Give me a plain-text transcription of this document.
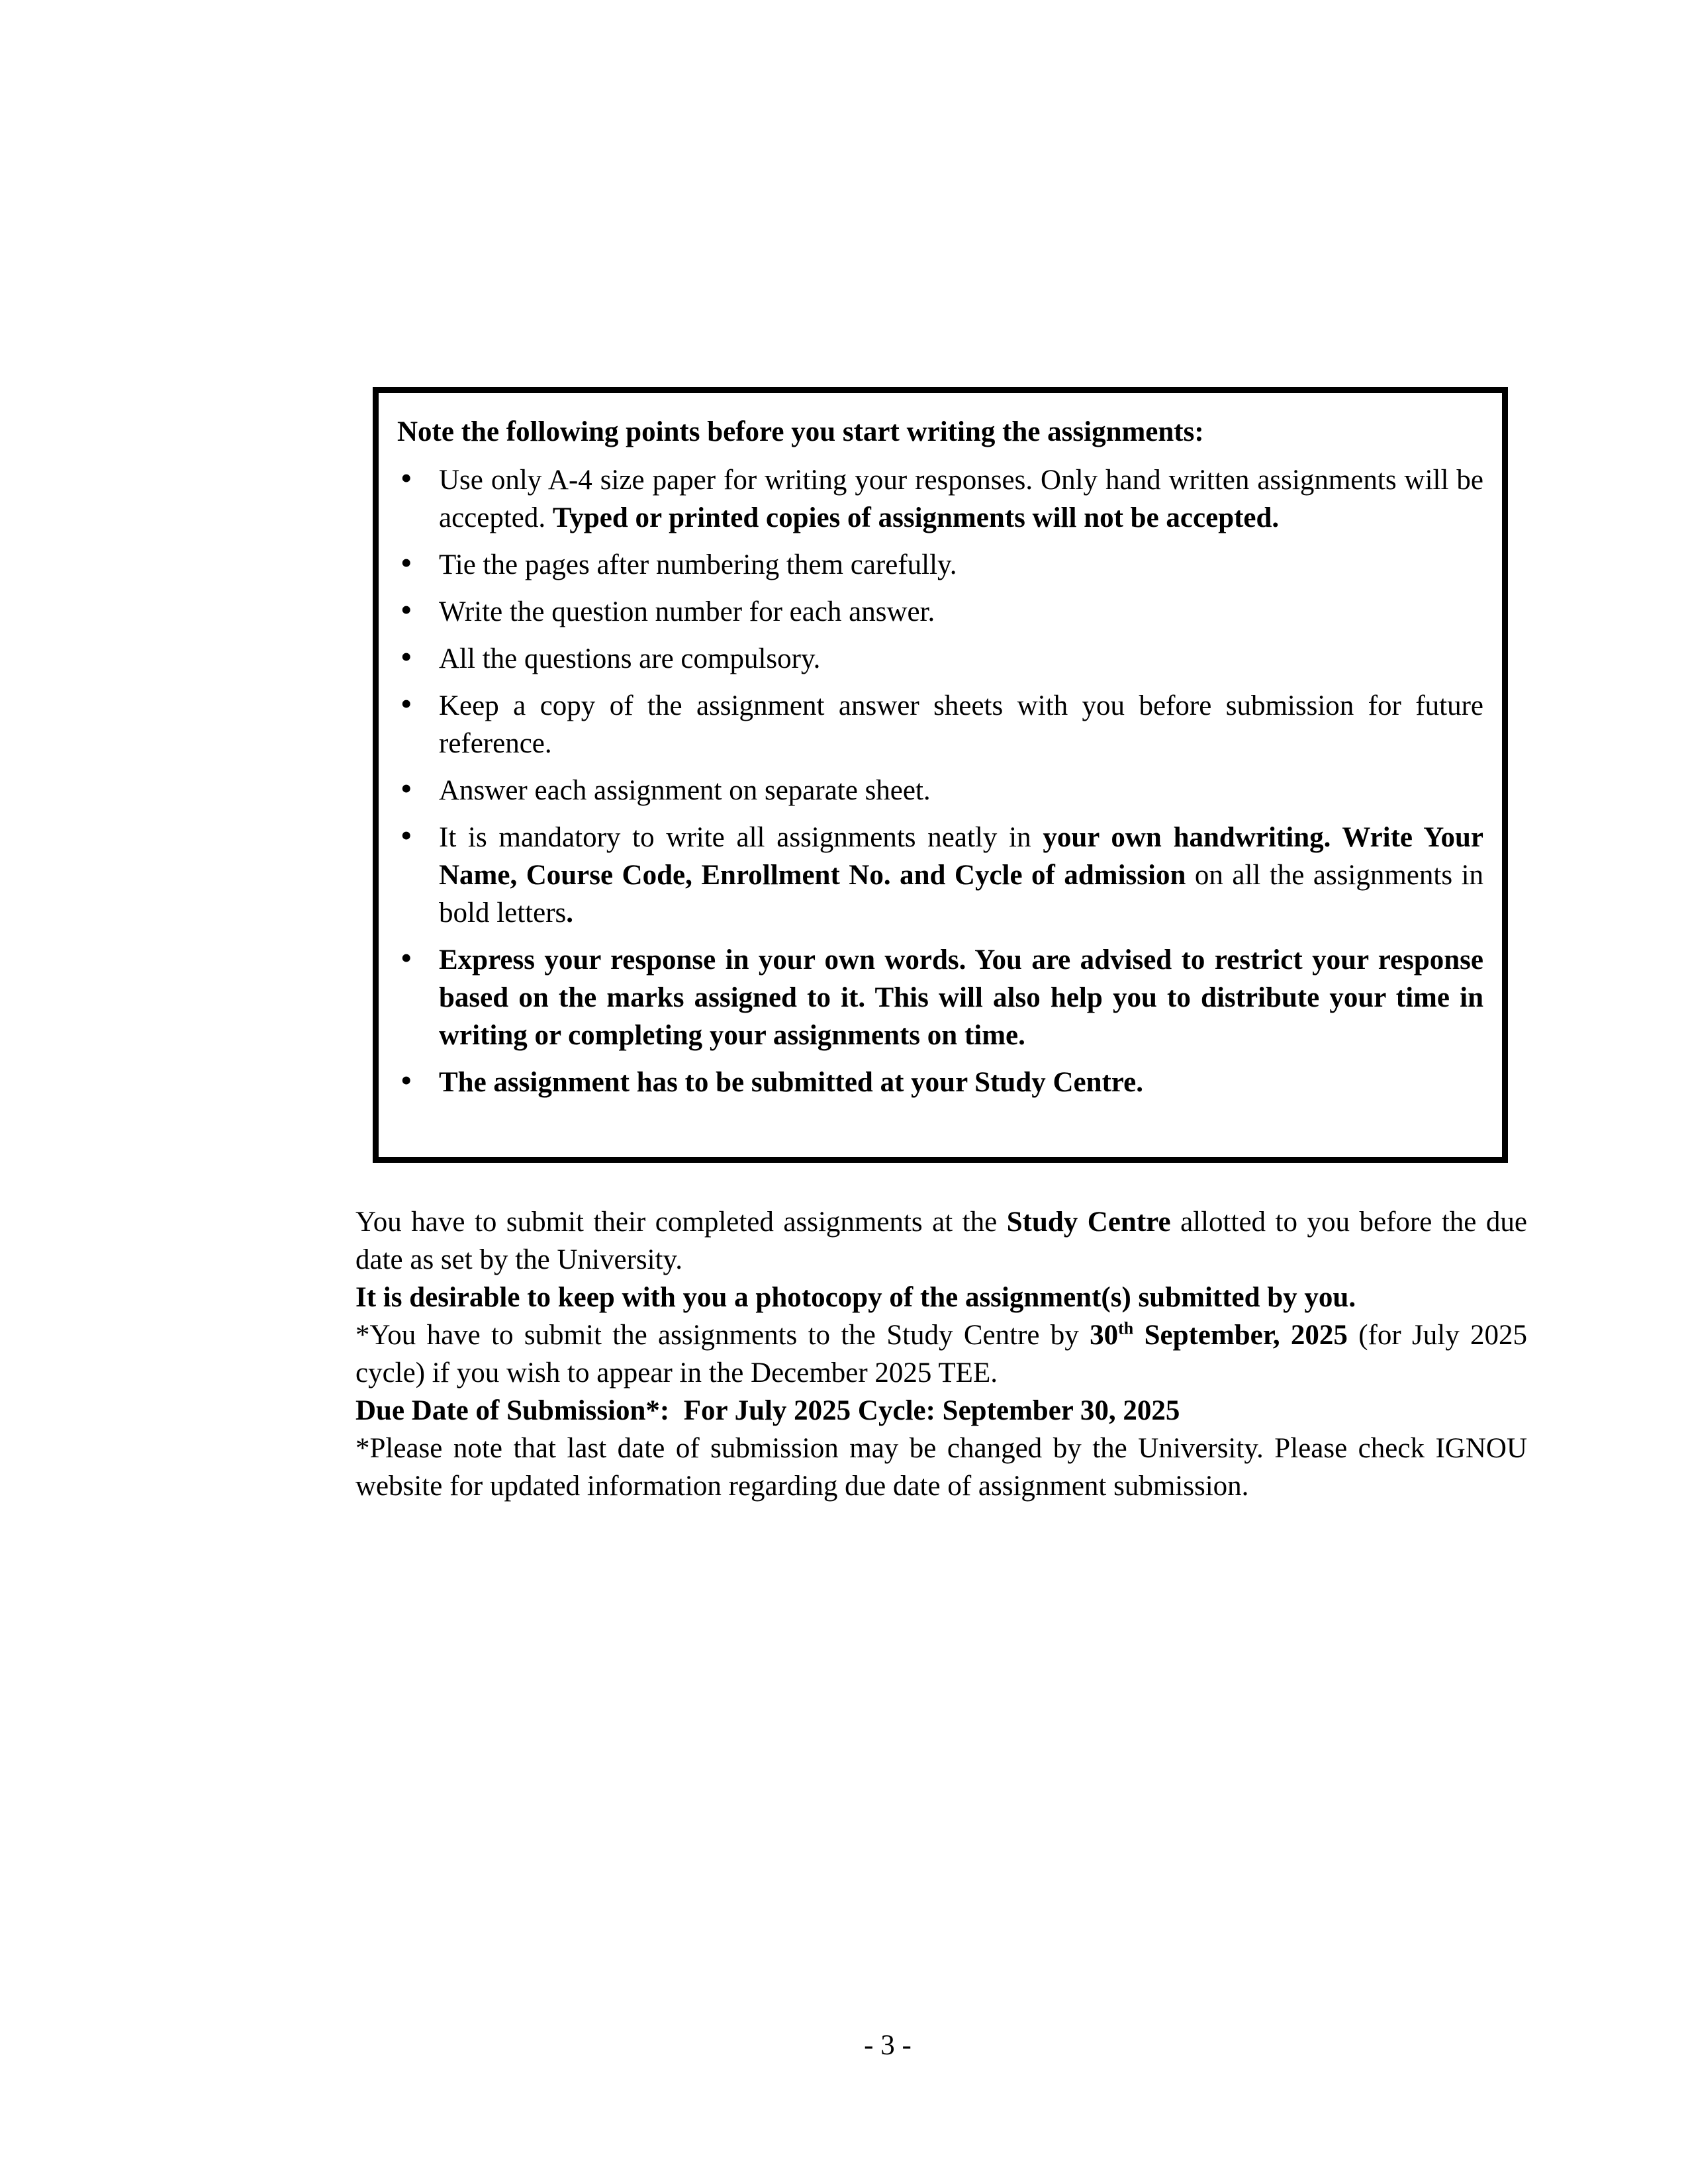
Note the following points before you start writing the assignments:
• Use only A-4 size paper for writing your responses. Only hand written assignments will be accepted. Typed or printed copies of assignments will not be accepted.
• Tie the pages after numbering them carefully.
• Write the question number for each answer.
• All the questions are compulsory.
• Keep a copy of the assignment answer sheets with you before submission for future reference.
• Answer each assignment on separate sheet.
• It is mandatory to write all assignments neatly in your own handwriting. Write Your Name, Course Code, Enrollment No. and Cycle of admission on all the assignments in bold letters.
• Express your response in your own words. You are advised to restrict your response based on the marks assigned to it. This will also help you to distribute your time in writing or completing your assignments on time.
• The assignment has to be submitted at your Study Centre.

You have to submit their completed assignments at the Study Centre allotted to you before the due date as set by the University.

It is desirable to keep with you a photocopy of the assignment(s) submitted by you.

*You have to submit the assignments to the Study Centre by 30th September, 2025 (for July 2025 cycle) if you wish to appear in the December 2025 TEE.

Due Date of Submission*:  For July 2025 Cycle: September 30, 2025

*Please note that last date of submission may be changed by the University. Please check IGNOU website for updated information regarding due date of assignment submission.

- 3 -
